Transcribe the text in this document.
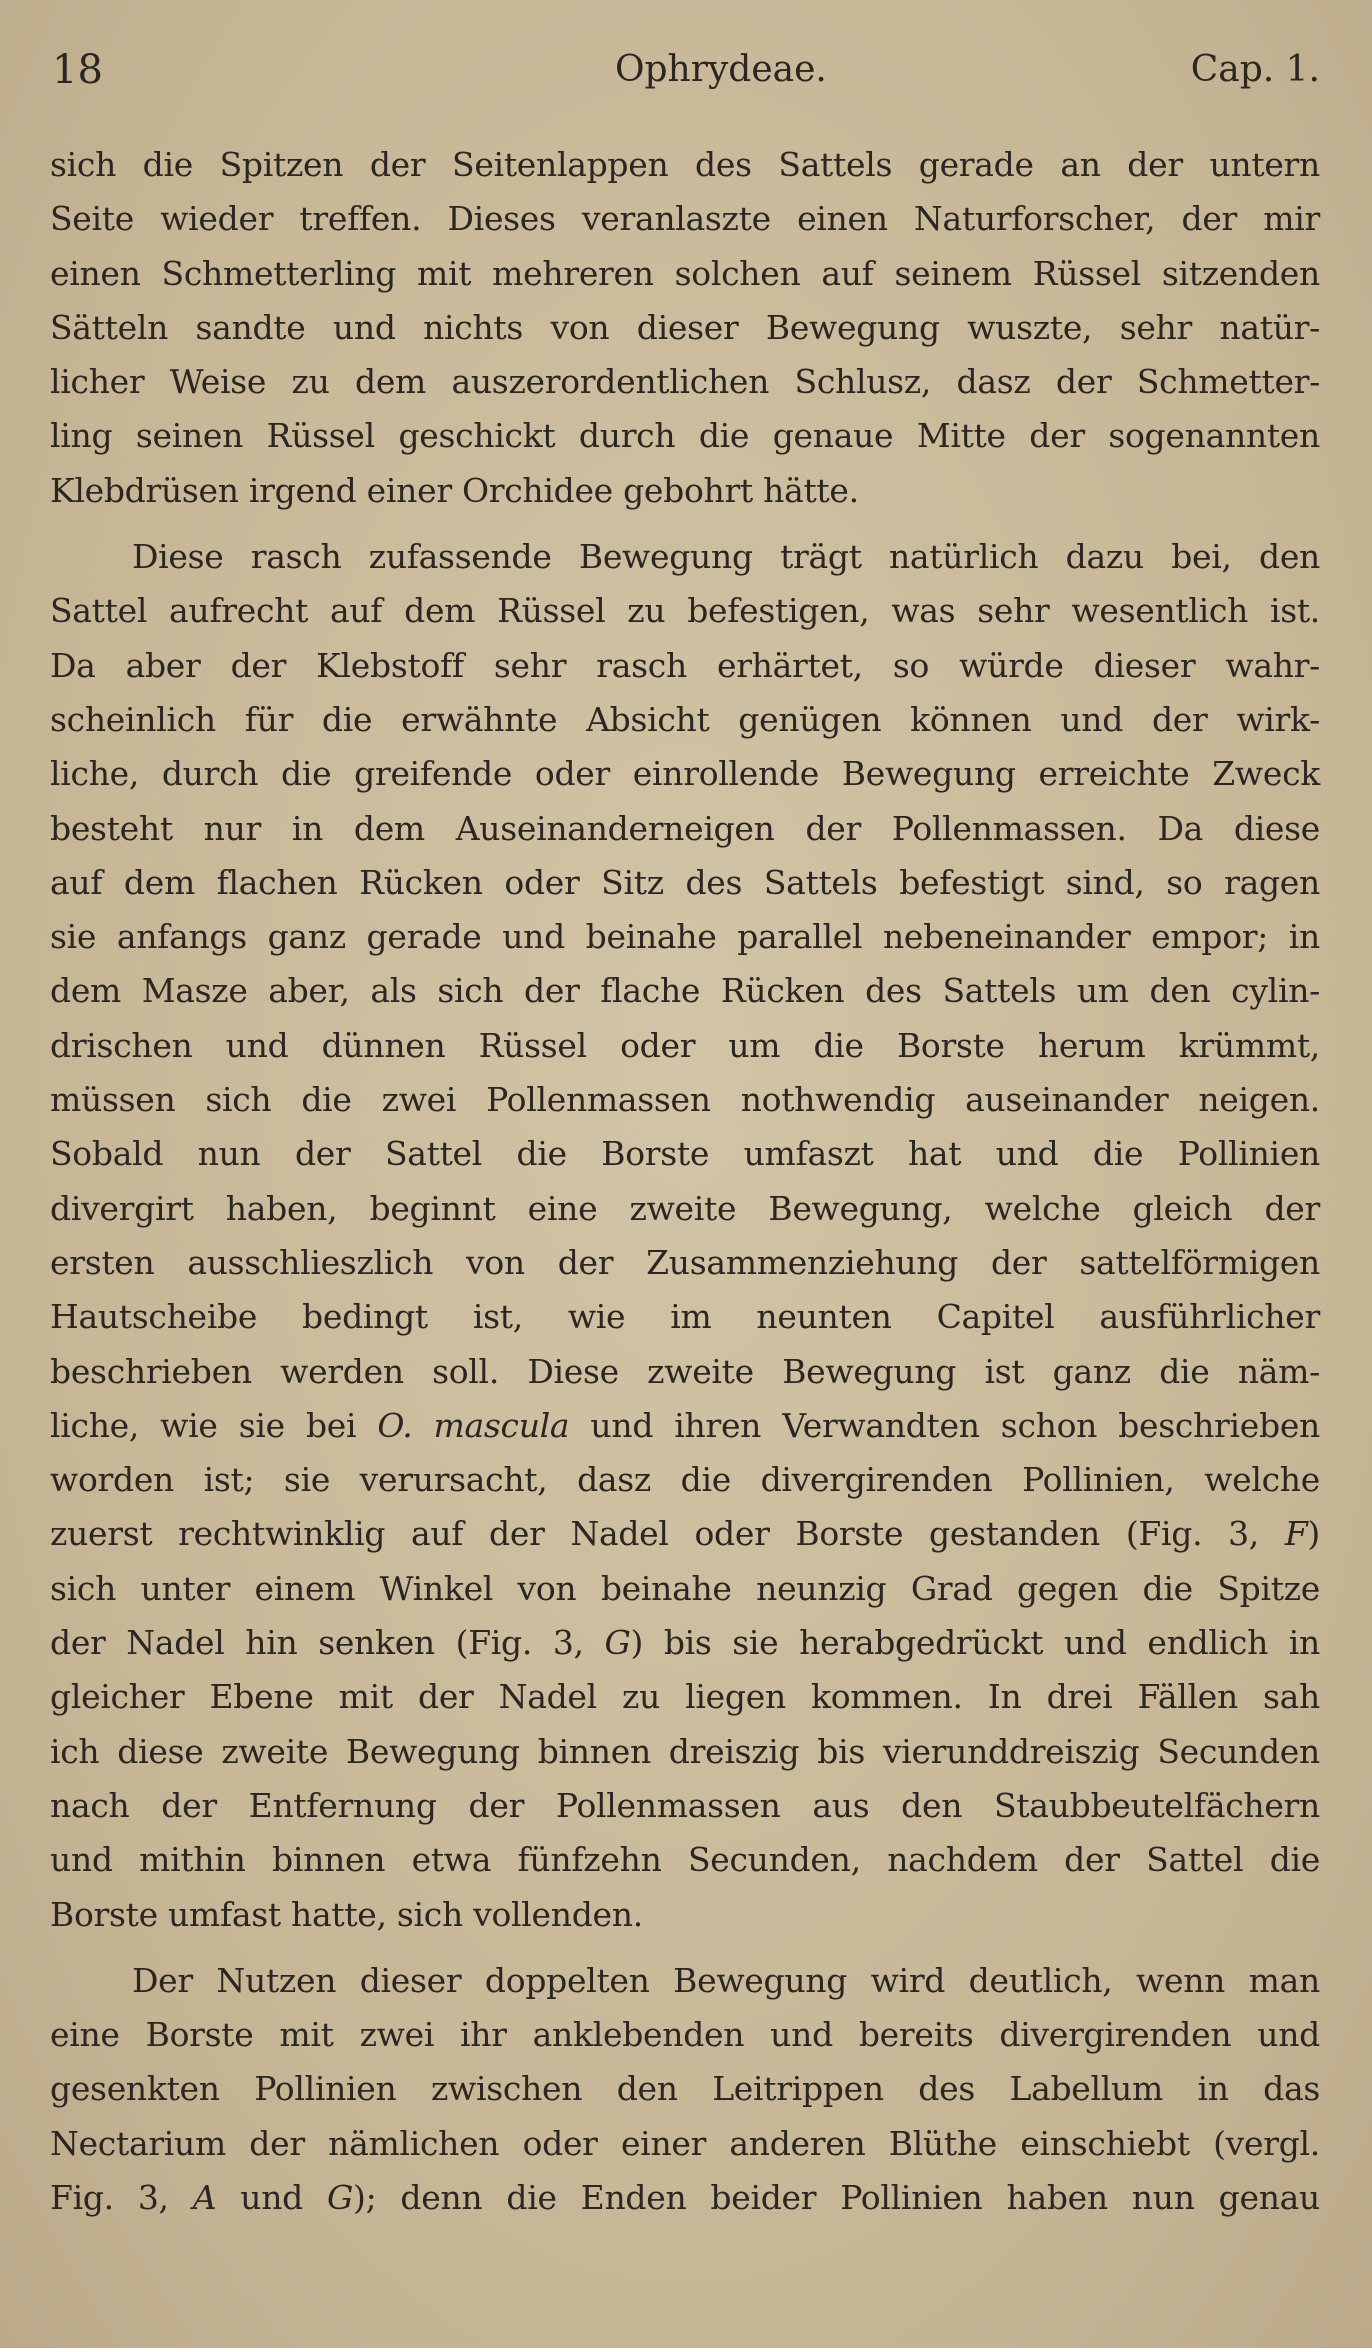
18	Ophrydeae.	Cap. 1.
sich die Spitzen der Seitenlappen des Sattels gerade an der untern
Seite wieder treffen. Dieses veranlaszte einen Naturforscher, der mir
einen Schmetterling mit mehreren solchen auf seinem Rüssel sitzenden
Sätteln sandte und nichts von dieser Bewegung wuszte, sehr natür-
licher Weise zu dem auszerordentlichen Schlusz, dasz der Schmetter-
ling seinen Rüssel geschickt durch die genaue Mitte der sogenannten
Klebdrüsen irgend einer Orchidee gebohrt hätte.
Diese rasch zufassende Bewegung trägt natürlich dazu bei, den
Sattel aufrecht auf dem Rüssel zu befestigen, was sehr wesentlich ist.
Da aber der Klebstoff sehr rasch erhärtet, so würde dieser wahr-
scheinlich für die erwähnte Absicht genügen können und der wirk-
liche, durch die greifende oder einrollende Bewegung erreichte Zweck
besteht nur in dem Auseinanderneigen der Pollenmassen. Da diese
auf dem flachen Rücken oder Sitz des Sattels befestigt sind, so ragen
sie anfangs ganz gerade und beinahe parallel nebeneinander empor; in
dem Masze aber, als sich der flache Rücken des Sattels um den cylin-
drischen und dünnen Rüssel oder um die Borste herum krümmt,
müssen sich die zwei Pollenmassen nothwendig auseinander neigen.
Sobald nun der Sattel die Borste umfaszt hat und die Pollinien
divergirt haben, beginnt eine zweite Bewegung, welche gleich der
ersten ausschlieszlich von der Zusammenziehung der sattelförmigen
Hautscheibe bedingt ist, wie im neunten Capitel ausführlicher
beschrieben werden soll. Diese zweite Bewegung ist ganz die näm-
liche, wie sie bei O. mascula und ihren Verwandten schon beschrieben
worden ist; sie verursacht, dasz die divergirenden Pollinien, welche
zuerst rechtwinklig auf der Nadel oder Borste gestanden (Fig. 3, F)
sich unter einem Winkel von beinahe neunzig Grad gegen die Spitze
der Nadel hin senken (Fig. 3, G) bis sie herabgedrückt und endlich in
gleicher Ebene mit der Nadel zu liegen kommen. In drei Fällen sah
ich diese zweite Bewegung binnen dreiszig bis vierunddreiszig Secunden
nach der Entfernung der Pollenmassen aus den Staubbeutelfächern
und mithin binnen etwa fünfzehn Secunden, nachdem der Sattel die
Borste umfast hatte, sich vollenden.
Der Nutzen dieser doppelten Bewegung wird deutlich, wenn man
eine Borste mit zwei ihr anklebenden und bereits divergirenden und
gesenkten Pollinien zwischen den Leitrippen des Labellum in das
Nectarium der nämlichen oder einer anderen Blüthe einschiebt (vergl.
Fig. 3, A und G); denn die Enden beider Pollinien haben nun genau
